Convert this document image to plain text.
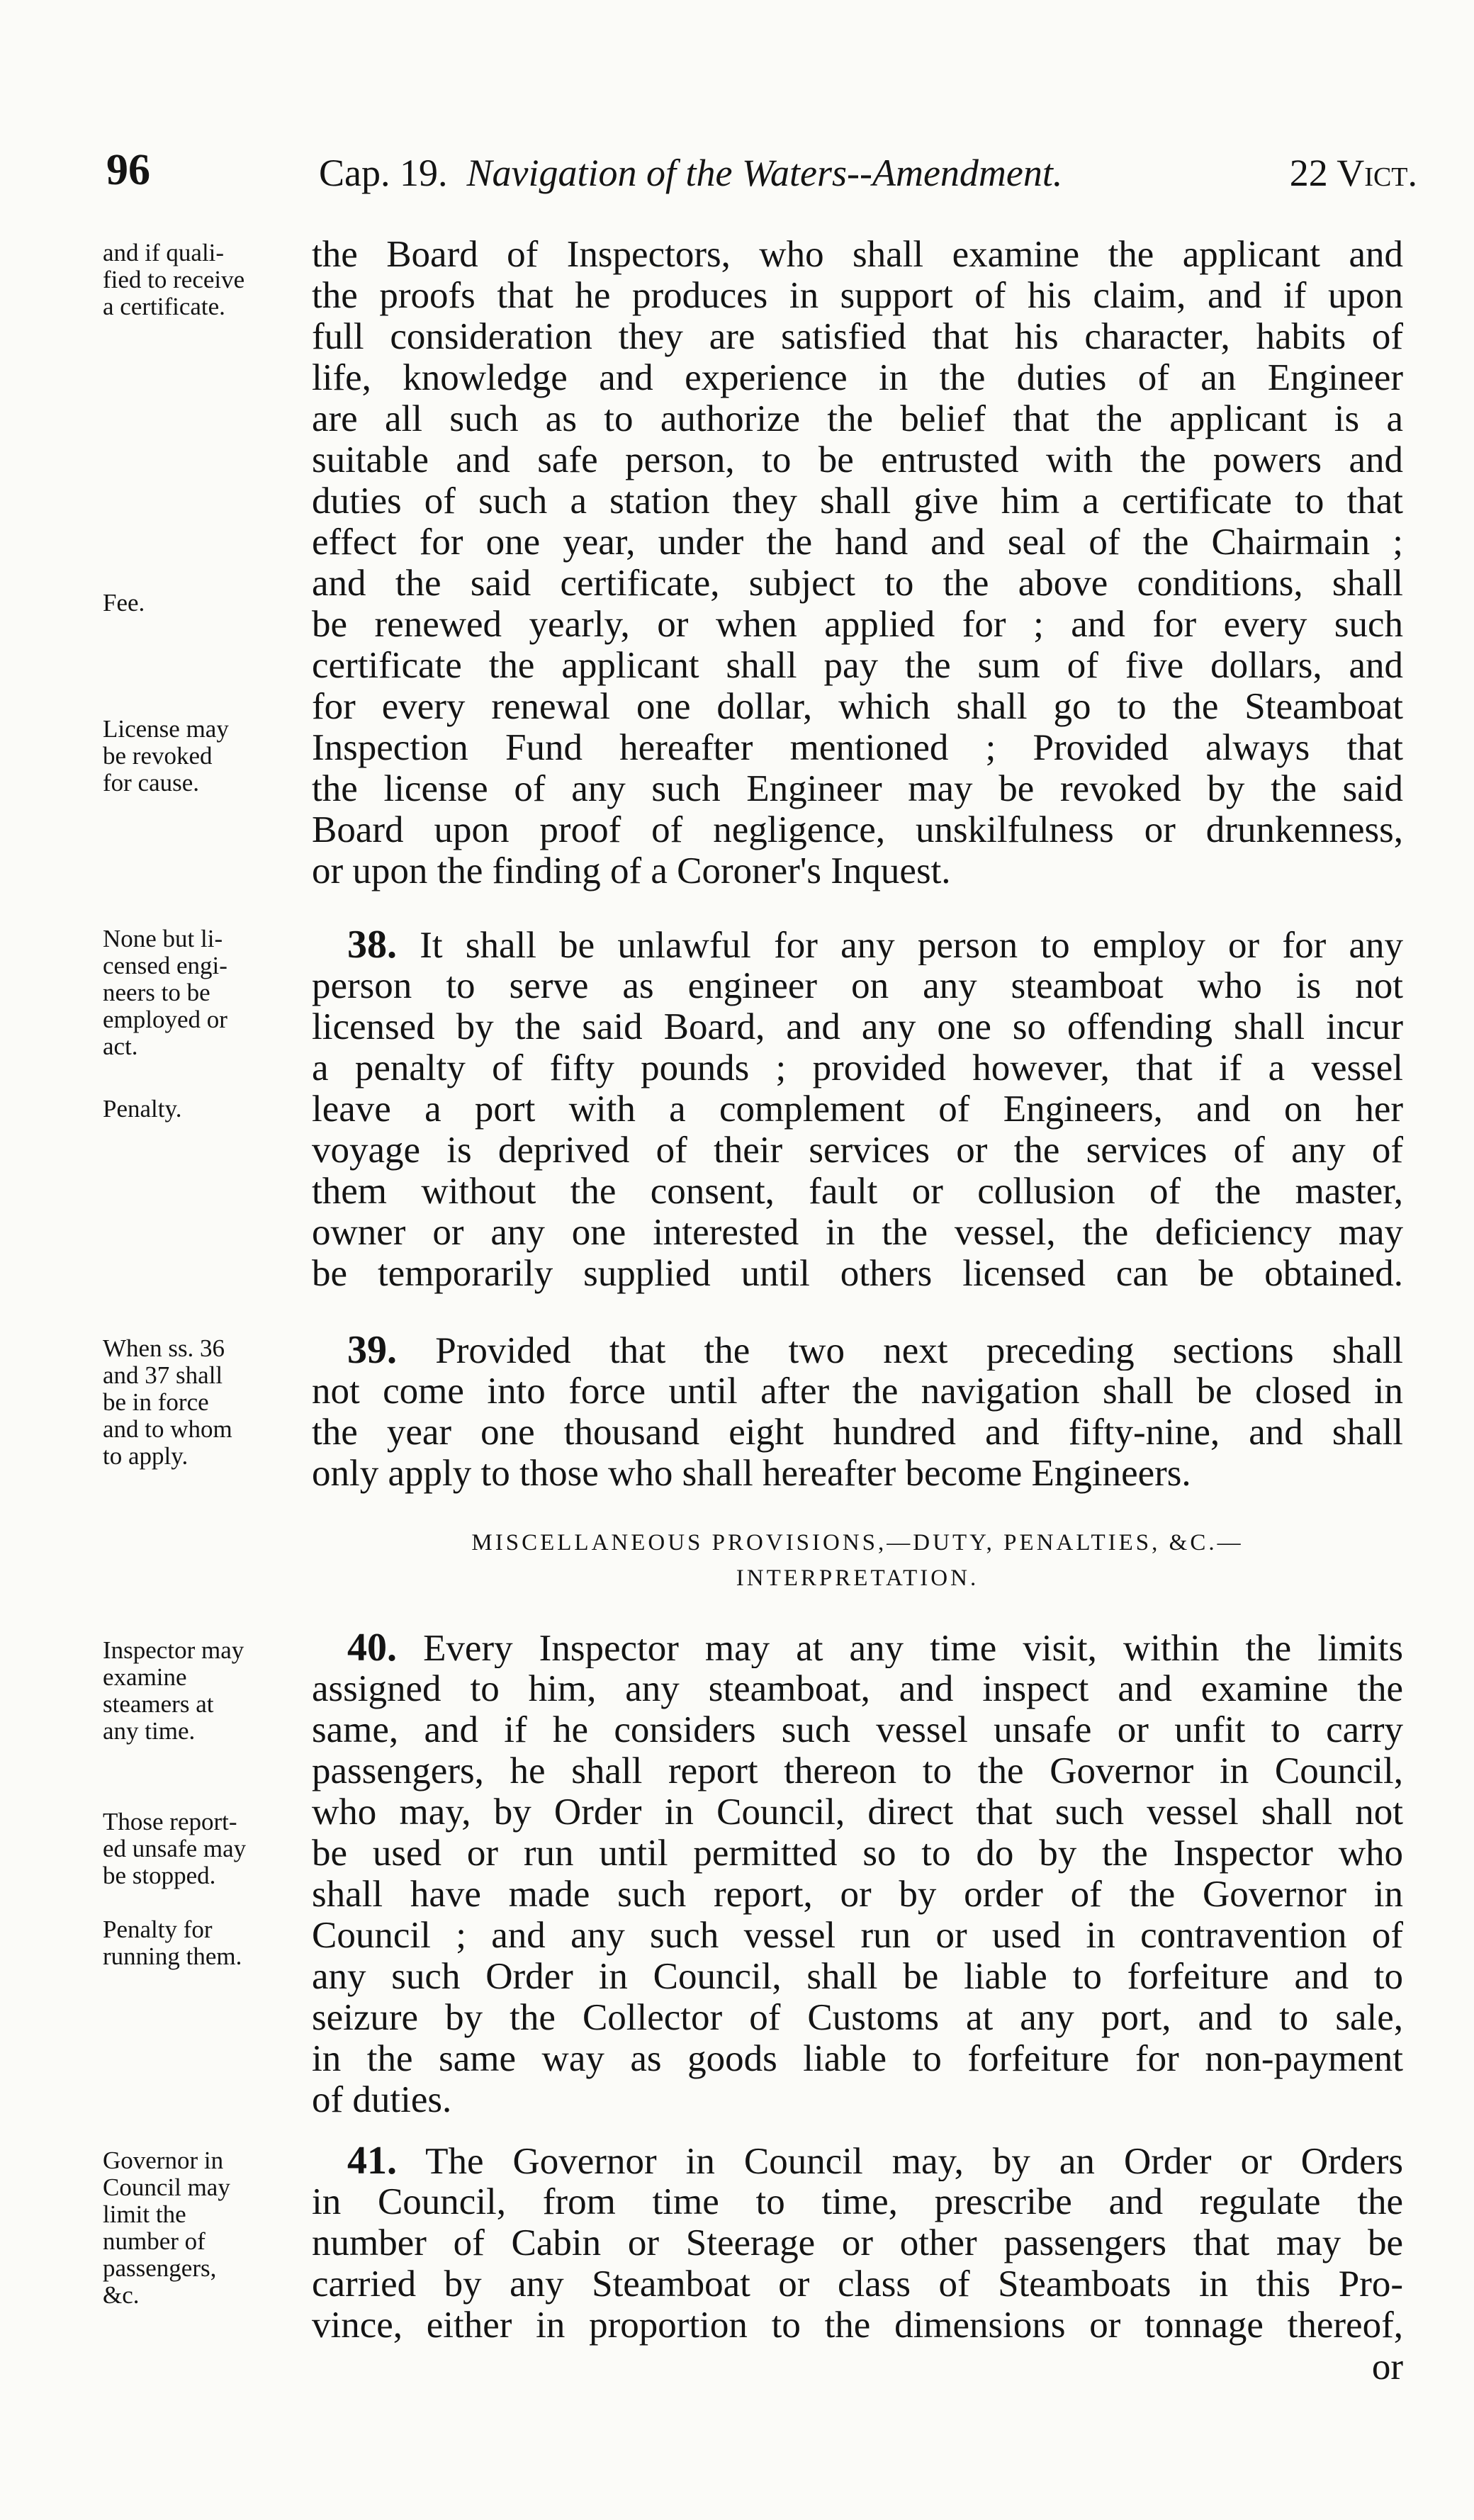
96	Cap. 19. Navigation of the Waters--Amendment.	22 Vict.
the Board of Inspectors, who shall examine the applicant and
the proofs that he produces in support of his claim, and if upon
full consideration they are satisfied that his character, habits of
life, knowledge and experience in the duties of an Engineer
are all such as to authorize the belief that the applicant is a
suitable and safe person, to be entrusted with the powers and
duties of such a station they shall give him a certificate to that
effect for one year, under the hand and seal of the Chairmain ;
and the said certificate, subject to the above conditions, shall
be renewed yearly, or when applied for ; and for every such
certificate the applicant shall pay the sum of five dollars, and
for every renewal one dollar, which shall go to the Steamboat
Inspection Fund hereafter mentioned ; Provided always that
the license of any such Engineer may be revoked by the said
Board upon proof of negligence, unskilfulness or drunkenness,
or upon the finding of a Coroner's Inquest.
and if quali-
fied to receive
a certificate.
Fee.
License may
be revoked
for cause.
38. It shall be unlawful for any person to employ or for any
person to serve as engineer on any steamboat who is not
licensed by the said Board, and any one so offending shall incur
a penalty of fifty pounds ; provided however, that if a vessel
leave a port with a complement of Engineers, and on her
voyage is deprived of their services or the services of any of
them without the consent, fault or collusion of the master,
owner or any one interested in the vessel, the deficiency may
be temporarily supplied until others licensed can be obtained.
None but li-
censed engi-
neers to be
employed or
act.
Penalty.
39. Provided that the two next preceding sections shall
not come into force until after the navigation shall be closed in
the year one thousand eight hundred and fifty-nine, and shall
only apply to those who shall hereafter become Engineers.
When ss. 36
and 37 shall
be in force
and to whom
to apply.
MISCELLANEOUS PROVISIONS,—DUTY, PENALTIES, &C.—
INTERPRETATION.
40. Every Inspector may at any time visit, within the limits
assigned to him, any steamboat, and inspect and examine the
same, and if he considers such vessel unsafe or unfit to carry
passengers, he shall report thereon to the Governor in Council,
who may, by Order in Council, direct that such vessel shall not
be used or run until permitted so to do by the Inspector who
shall have made such report, or by order of the Governor in
Council ; and any such vessel run or used in contravention of
any such Order in Council, shall be liable to forfeiture and to
seizure by the Collector of Customs at any port, and to sale,
in the same way as goods liable to forfeiture for non-payment
of duties.
Inspector may
examine
steamers at
any time.
Those report-
ed unsafe may
be stopped.
Penalty for
running them.
41. The Governor in Council may, by an Order or Orders
in Council, from time to time, prescribe and regulate the
number of Cabin or Steerage or other passengers that may be
carried by any Steamboat or class of Steamboats in this Pro-
vince, either in proportion to the dimensions or tonnage thereof,
Governor in
Council may
limit the
number of
passengers,
&c.
or
